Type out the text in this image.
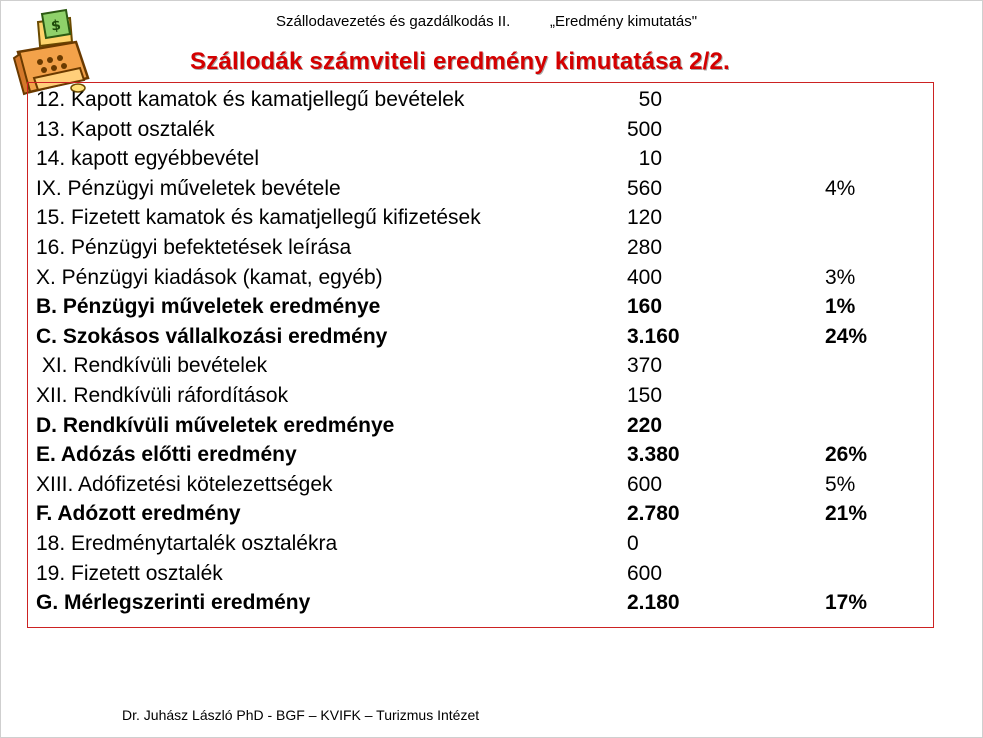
Szállodavezetés és gazdálkodás II.	„Eredmény kimutatás"
$
Szállodák számviteli eredmény kimutatása 2/2.
12. Kapott kamatok és kamatjellegű bevételek	50
13. Kapott osztalék	500
14. kapott egyébbevétel	10
IX. Pénzügyi műveletek bevétele	560	4%
15. Fizetett kamatok és kamatjellegű kifizetések	120
16. Pénzügyi befektetések leírása	280
X. Pénzügyi kiadások (kamat, egyéb)	400	3%
B. Pénzügyi műveletek eredménye	160	1%
C. Szokásos vállalkozási eredmény	3.160	24%
XI. Rendkívüli bevételek	370
XII. Rendkívüli ráfordítások	150
D. Rendkívüli műveletek eredménye	220
E. Adózás előtti eredmény	3.380	26%
XIII. Adófizetési kötelezettségek	600	5%
F. Adózott eredmény	2.780	21%
18. Eredménytartalék osztalékra	0
19. Fizetett osztalék	600
G. Mérlegszerinti eredmény	2.180	17%
Dr. Juhász László PhD - BGF – KVIFK – Turizmus Intézet
